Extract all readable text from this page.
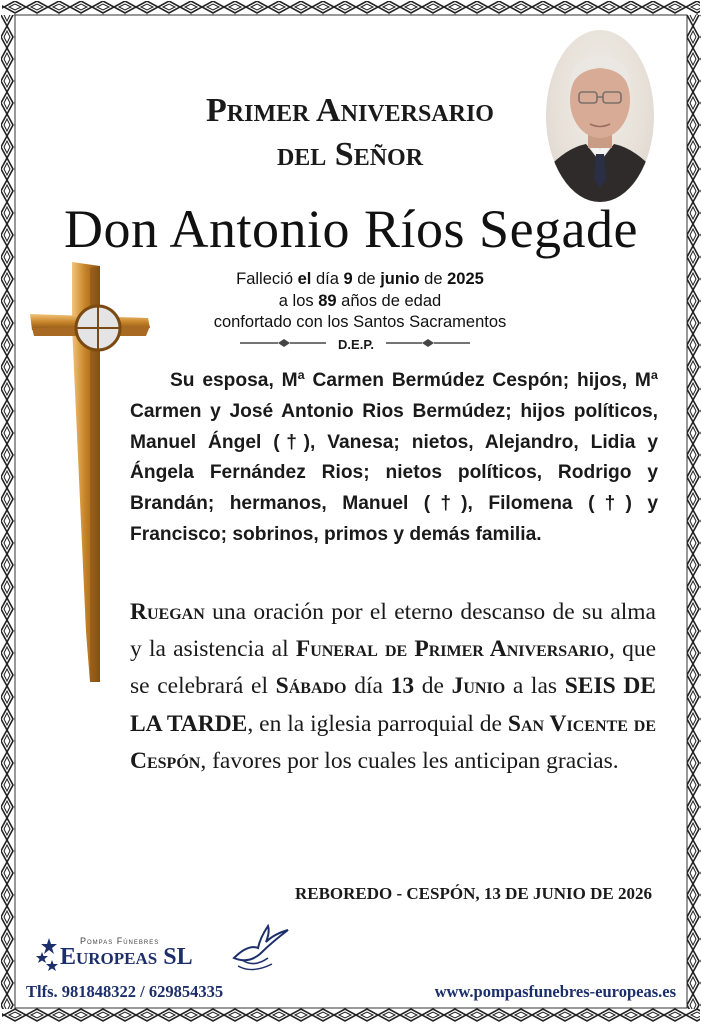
Primer Aniversario
del Señor
Don Antonio Ríos Segade
Falleció el día 9 de junio de 2025
a los 89 años de edad
confortado con los Santos Sacramentos
D.E.P.
Su esposa, Mª Carmen Bermúdez Cespón; hijos, Mª Carmen y José Antonio Rios Bermúdez; hijos políticos, Manuel Ángel (†), Vanesa; nietos, Alejandro, Lidia y Ángela Fernández Rios; nietos políticos, Rodrigo y Brandán; hermanos, Manuel (†), Filomena (†) y Francisco; sobrinos, primos y demás familia.
Ruegan una oración por el eterno descanso de su alma y la asistencia al Funeral de Primer Aniversario, que se celebrará el Sábado día 13 de Junio a las SEIS DE LA TARDE, en la iglesia parroquial de San Vicente de Cespón, favores por los cuales les anticipan gracias.
REBOREDO - CESPÓN, 13 DE JUNIO DE 2026
Pompas Fúnebres
Europeas SL
Tlfs. 981848322 / 629854335	www.pompasfunebres-europeas.es
